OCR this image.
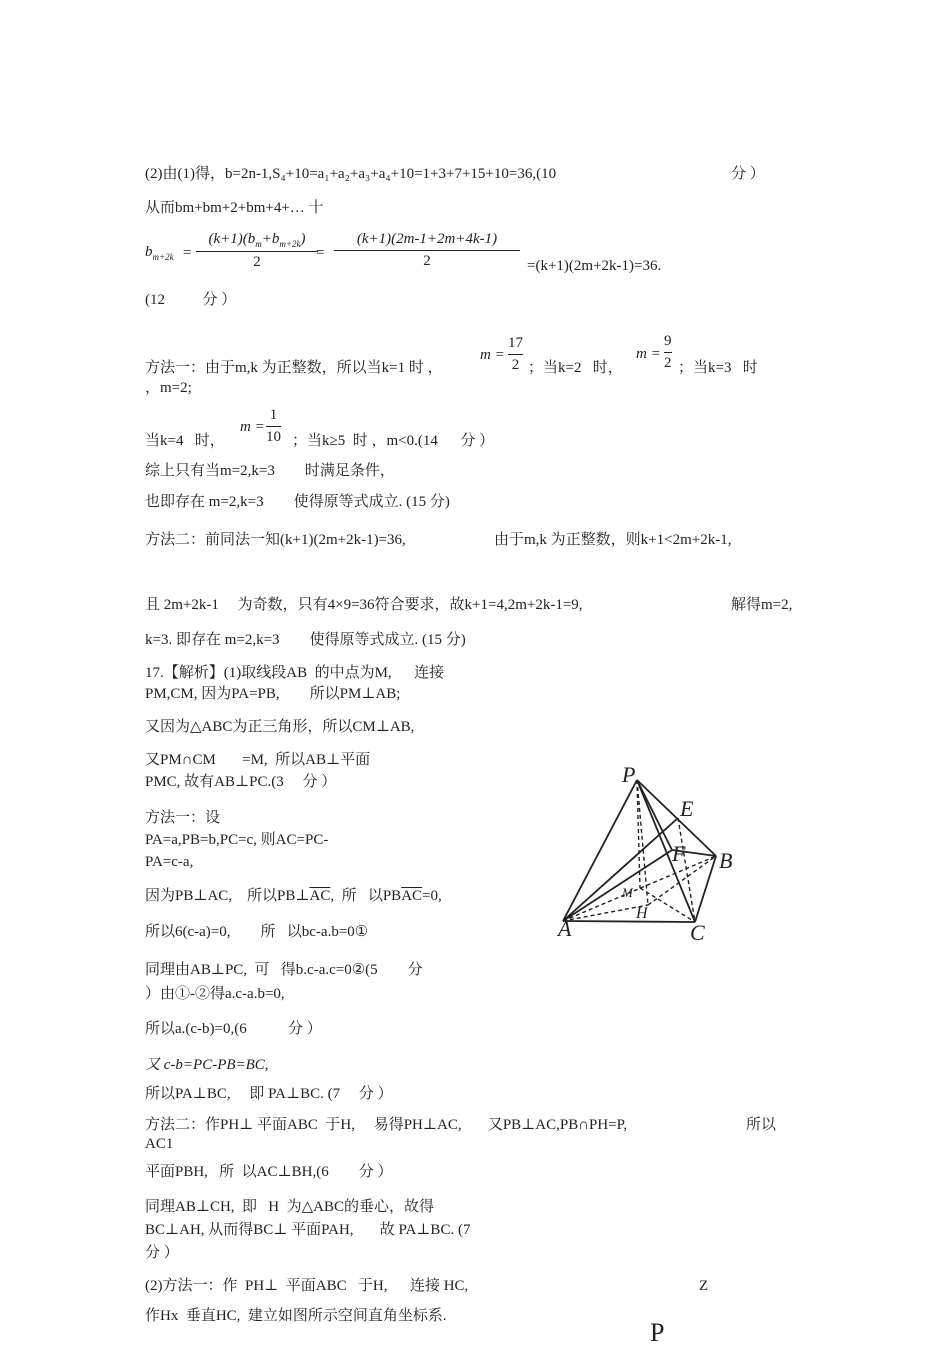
(2)由(1)得，b=2n-1,S₄+10=a₁+a₂+a₃+a₄+10=1+3+7+15+10=36,(10	分 ）
从而bm+bm+2+bm+4+… 十
$b_{m+2k}$ =
$(k+1)(b_m+b_{m+2k})$
2
=
(k+1)(2m-1+2m+4k-1)
2	=(k+1)(2m+2k-1)=36.
(12          分 ）
方法一：由于m,k 为正整数，所以当k=1 时 ，
m =
17
2 ；当k=2   时，
m =
9
2 ；当k=3   时
，m=2;
当k=4   时，
m =
1
10 ；当k≥5  时 ，m<0.(14      分 ）
综上只有当m=2,k=3        时满足条件，
也即存在 m=2,k=3        使得原等式成立. (15 分)
方法二：前同法一知(k+1)(2m+2k-1)=36,	由于m,k 为正整数，则k+1<2m+2k-1,
且 2m+2k-1     为奇数，只有4×9=36符合要求，故k+1=4,2m+2k-1=9,	解得m=2,
k=3. 即存在 m=2,k=3        使得原等式成立. (15 分)
17.【解析】(1)取线段AB  的中点为M,      连接
PM,CM, 因为PA=PB,        所以PM⊥AB;
又因为△ABC为正三角形，所以CM⊥AB,
又PM∩CM       =M,  所以AB⊥平面
PMC, 故有AB⊥PC.(3     分 ）
方法一：设
PA=a,PB=b,PC=c, 则AC=PC-
PA=c-a,
因为PB⊥AC,    所以$PB\perp\overline{AC}$,  所   以$PB\overline{AC}=0$,
所以6(c-a)=0,        所   以bc-a.b=0①
同理由AB⊥PC,  可   得b.c-a.c=0②(5        分
）由①-②得a.c-a.b=0,
所以a.(c-b)=0,(6           分 ）
又 c-b=PC-PB=BC,
所以PA⊥BC,     即 PA⊥BC. (7     分 ）
方法二：作PH⊥ 平面ABC  于H,     易得PH⊥AC,       又PB⊥AC,PB∩PH=P,	所以
AC1
平面PBH,   所  以AC⊥BH,(6        分 ）
同理AB⊥CH,  即   H  为△ABC的垂心，故得
BC⊥AH, 从而得BC⊥ 平面PAH,       故 PA⊥BC. (7
分 ）
(2)方法一：作  PH⊥  平面ABC   于H,      连接 HC,	Z
作Hx  垂直HC,  建立如图所示空间直角坐标系.
P
P
E
F B
M
H
A	C
